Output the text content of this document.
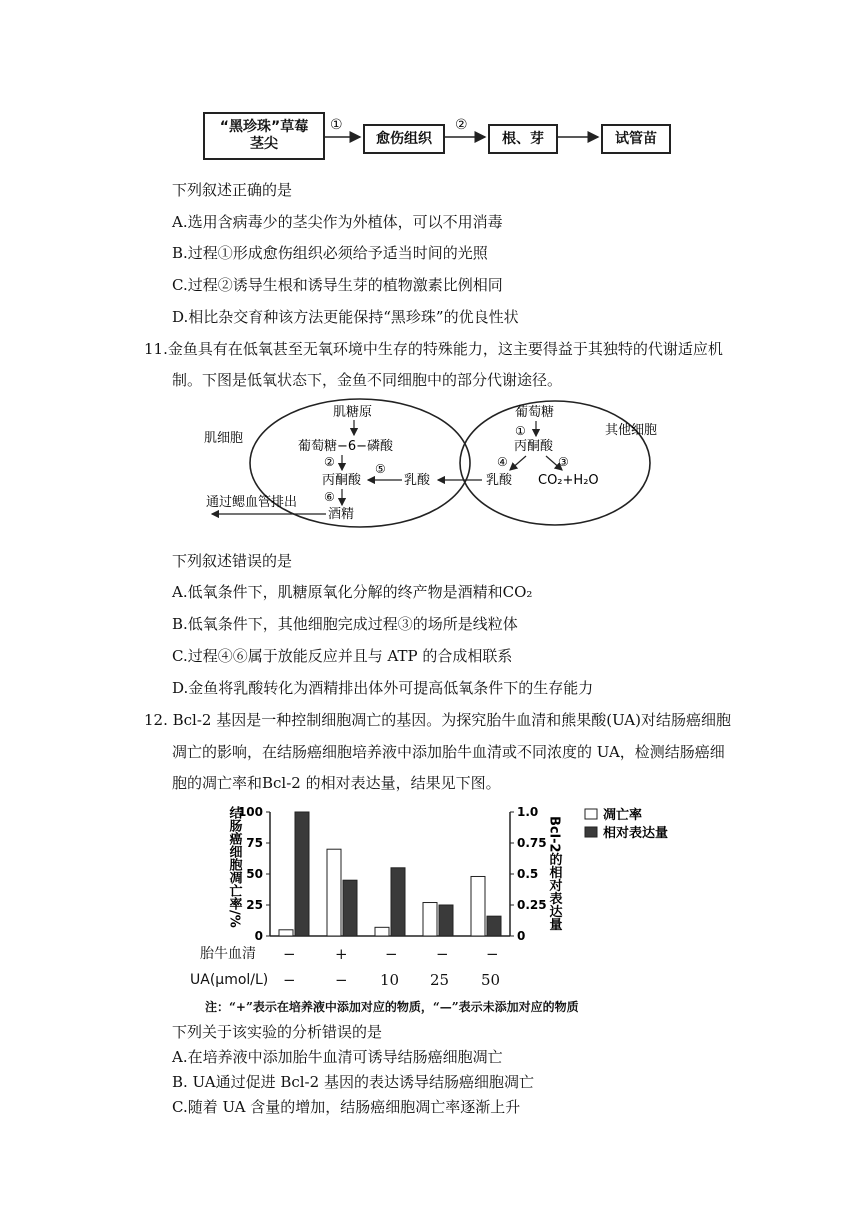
“黑珍珠”草莓
茎尖
①
愈伤组织
②
根、芽	试管苗
下列叙述正确的是
A.选用含病毒少的茎尖作为外植体，可以不用消毒
B.过程①形成愈伤组织必须给予适当时间的光照
C.过程②诱导生根和诱导生芽的植物激素比例相同
D.相比杂交育种该方法更能保持“黑珍珠”的优良性状
11.金鱼具有在低氧甚至无氧环境中生存的特殊能力，这主要得益于其独特的代谢适应机
制。下图是低氧状态下，金鱼不同细胞中的部分代谢途径。
肌细胞
其他细胞
肌糖原
葡萄糖−6−磷酸
②
丙酮酸
⑥
酒精
通过鳃血管排出
⑤
乳酸
葡萄糖
①
丙酮酸
④	③
乳酸 CO₂+H₂O
下列叙述错误的是
A.低氧条件下，肌糖原氧化分解的终产物是酒精和CO₂
B.低氧条件下，其他细胞完成过程③的场所是线粒体
C.过程④⑥属于放能反应并且与 ATP 的合成相联系
D.金鱼将乳酸转化为酒精排出体外可提高低氧条件下的生存能力
12. Bcl-2 基因是一种控制细胞凋亡的基因。为探究胎牛血清和熊果酸(UA)对结肠癌细胞
凋亡的影响，在结肠癌细胞培养液中添加胎牛血清或不同浓度的 UA，检测结肠癌细
胞的凋亡率和Bcl-2 的相对表达量，结果见下图。
0
25
50
75
100
0
0.25
0.5
0.75
1.0
结肠癌细胞凋亡率/%	Bcl-2的相对表达量
凋亡率
相对表达量
胎牛血清 −	+ −	− −
UA(μmol/L) −	− 10 25 50
注：“+”表示在培养液中添加对应的物质，“—”表示未添加对应的物质
下列关于该实验的分析错误的是
A.在培养液中添加胎牛血清可诱导结肠癌细胞凋亡
B. UA通过促进 Bcl-2 基因的表达诱导结肠癌细胞凋亡
C.随着 UA 含量的增加，结肠癌细胞凋亡率逐渐上升
